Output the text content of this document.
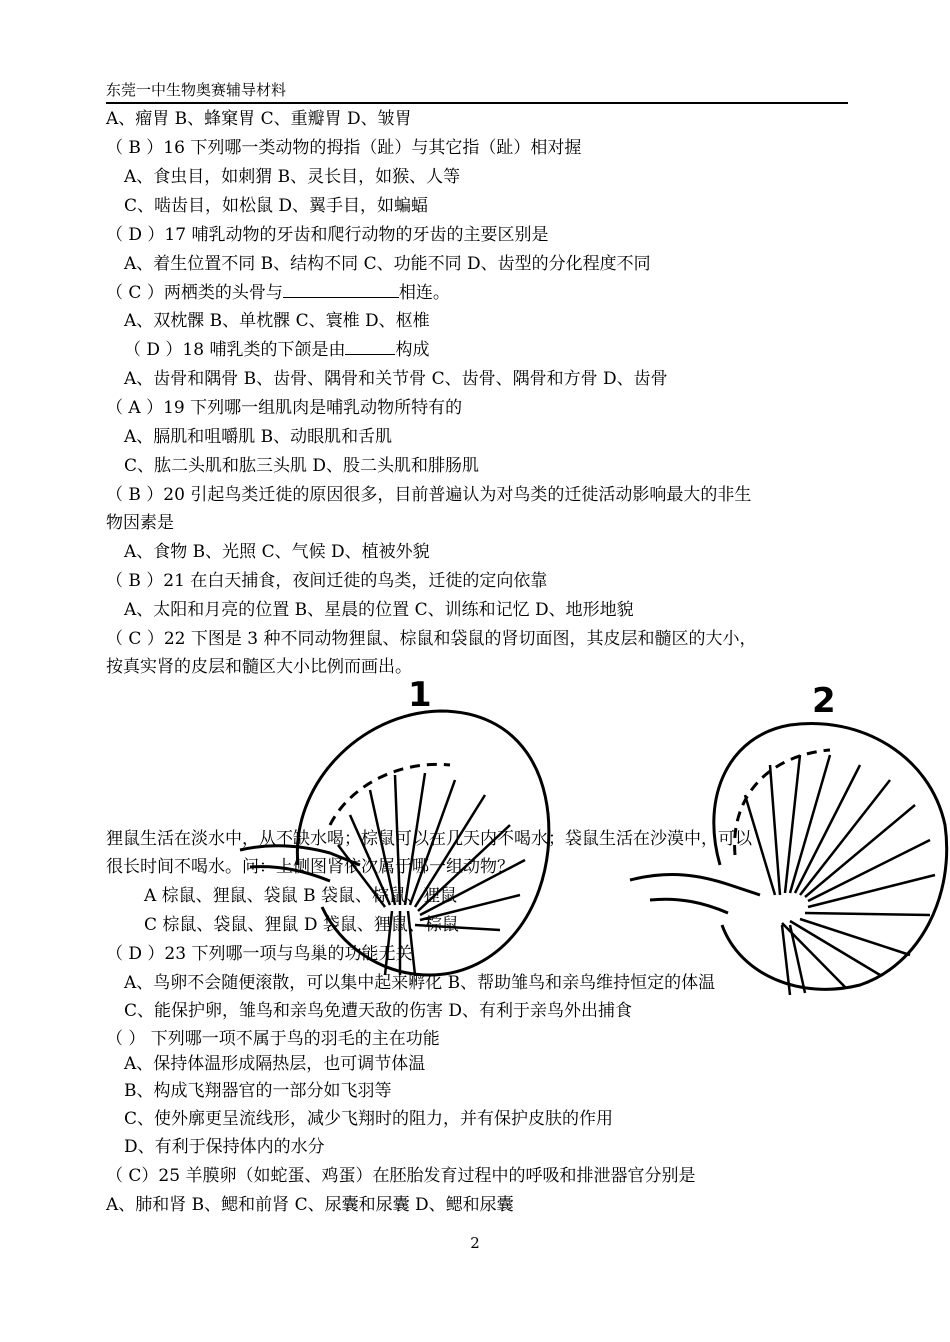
东莞一中生物奥赛辅导材料
A、瘤胃 B、蜂窠胃 C、重瓣胃 D、皱胃
（ B ）16 下列哪一类动物的拇指（趾）与其它指（趾）相对握
A、食虫目，如刺猬 B、灵长目，如猴、人等
C、啮齿目，如松鼠 D、翼手目，如蝙蝠
（ D ）17 哺乳动物的牙齿和爬行动物的牙齿的主要区别是
A、着生位置不同 B、结构不同 C、功能不同 D、齿型的分化程度不同
A、双枕髁 B、单枕髁 C、寰椎 D、枢椎
A、齿骨和隅骨 B、齿骨、隅骨和关节骨 C、齿骨、隅骨和方骨 D、齿骨
（ A ）19 下列哪一组肌肉是哺乳动物所特有的
A、膈肌和咀嚼肌 B、动眼肌和舌肌
C、肱二头肌和肱三头肌 D、股二头肌和腓肠肌
（ B ）20 引起鸟类迁徙的原因很多，目前普遍认为对鸟类的迁徙活动影响最大的非生
物因素是
A、食物 B、光照 C、气候 D、植被外貌
（ B ）21 在白天捕食，夜间迁徙的鸟类，迁徙的定向依靠
A、太阳和月亮的位置 B、星晨的位置 C、训练和记忆 D、地形地貌
（ C ）22 下图是 3 种不同动物狸鼠、棕鼠和袋鼠的肾切面图，其皮层和髓区的大小，
按真实肾的皮层和髓区大小比例而画出。
狸鼠生活在淡水中，从不缺水喝；棕鼠可以在几天内不喝水；袋鼠生活在沙漠中，可以
很长时间不喝水。问：上侧图肾依次属于哪一组动物？
A 棕鼠、狸鼠、袋鼠 B 袋鼠、棕鼠、狸鼠
C 棕鼠、袋鼠、狸鼠 D 袋鼠、狸鼠、棕鼠
（ D ）23 下列哪一项与鸟巢的功能无关
A、鸟卵不会随便滚散，可以集中起来孵化 B、帮助雏鸟和亲鸟维持恒定的体温
C、能保护卵，雏鸟和亲鸟免遭天敌的伤害 D、有利于亲鸟外出捕食
（ ） 下列哪一项不属于鸟的羽毛的主在功能
A、保持体温形成隔热层，也可调节体温
B、构成飞翔器官的一部分如飞羽等
C、使外廓更呈流线形，减少飞翔时的阻力，并有保护皮肤的作用
D、有利于保持体内的水分
（ C）25 羊膜卵（如蛇蛋、鸡蛋）在胚胎发育过程中的呼吸和排泄器官分别是
A、肺和肾 B、鳃和前肾 C、尿囊和尿囊 D、鳃和尿囊
（ C ）两栖类的头骨与	相连。
（ D ）18 哺乳类的下颌是由	构成
1	2
2
